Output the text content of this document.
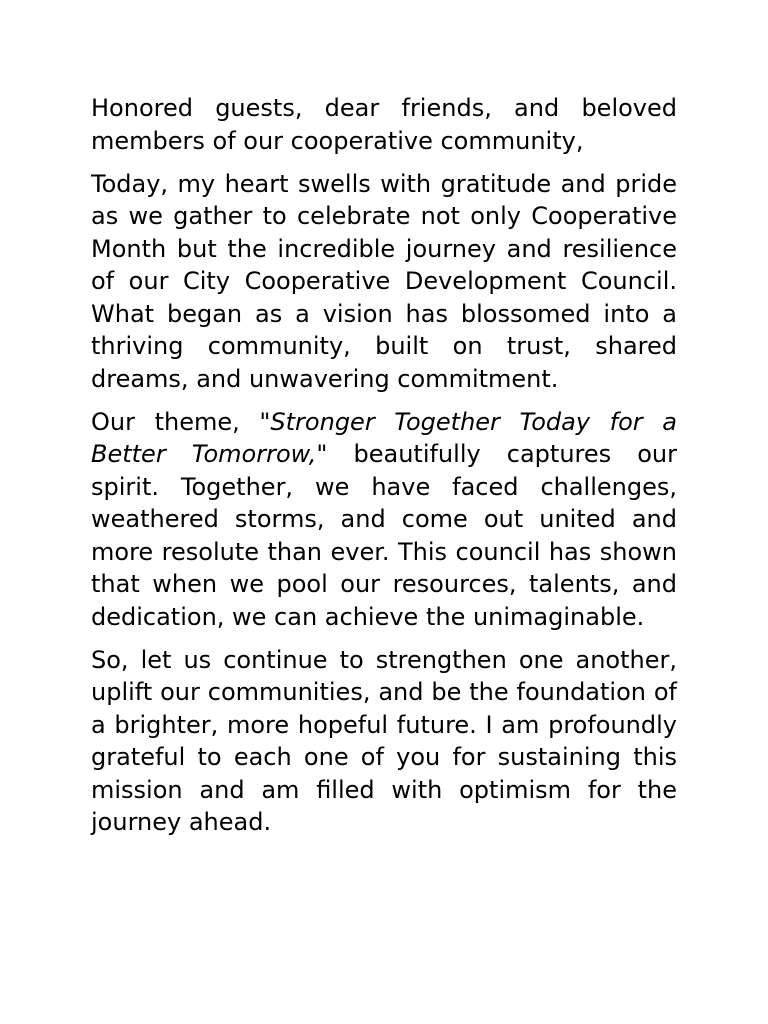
Honored guests, dear friends, and beloved members of our cooperative community,

Today, my heart swells with gratitude and pride as we gather to celebrate not only Cooperative Month but the incredible journey and resilience of our City Cooperative Development Council. What began as a vision has blossomed into a thriving community, built on trust, shared dreams, and unwavering commitment.

Our theme, "Stronger Together Today for a Better Tomorrow," beautifully captures our spirit. Together, we have faced challenges, weathered storms, and come out united and more resolute than ever. This council has shown that when we pool our resources, talents, and dedication, we can achieve the unimaginable.

So, let us continue to strengthen one another, uplift our communities, and be the foundation of a brighter, more hopeful future. I am profoundly grateful to each one of you for sustaining this mission and am filled with optimism for the journey ahead.
